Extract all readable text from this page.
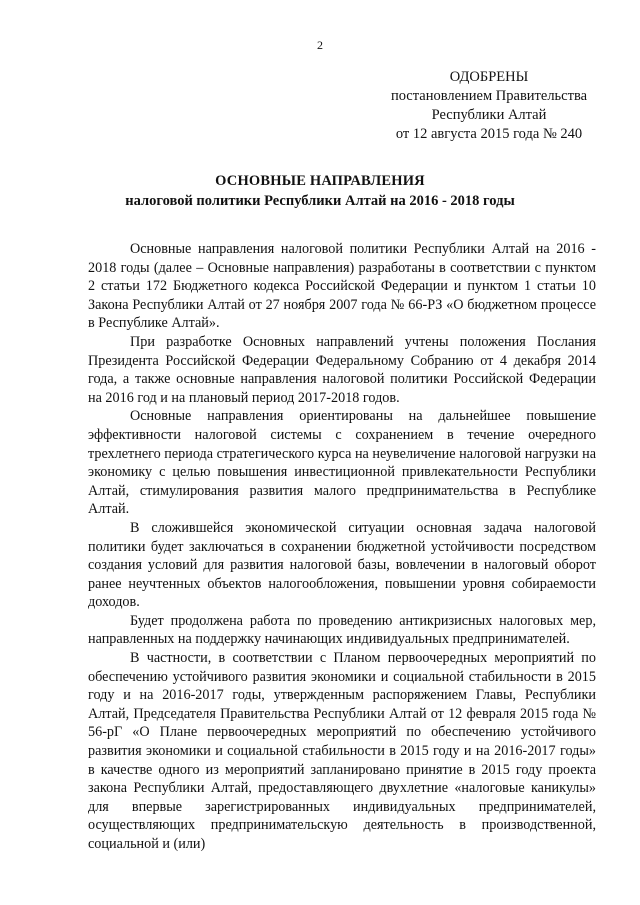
2
ОДОБРЕНЫ
постановлением Правительства
Республики Алтай
от 12 августа 2015 года № 240
ОСНОВНЫЕ НАПРАВЛЕНИЯ
налоговой политики Республики Алтай на 2016 - 2018 годы

Основные направления налоговой политики Республики Алтай на 2016 - 2018 годы (далее – Основные направления) разработаны в соответствии с пунктом 2 статьи 172 Бюджетного кодекса Российской Федерации и пунктом 1 статьи 10 Закона Республики Алтай от 27 ноября 2007 года № 66-РЗ «О бюджетном процессе в Республике Алтай».

При разработке Основных направлений учтены положения Послания Президента Российской Федерации Федеральному Собранию от 4 декабря 2014 года, а также основные направления налоговой политики Российской Федерации на 2016 год и на плановый период 2017-2018 годов.

Основные направления ориентированы на дальнейшее повышение эффективности налоговой системы с сохранением в течение очередного трехлетнего периода стратегического курса на неувеличение налоговой нагрузки на экономику с целью повышения инвестиционной привлекательности Республики Алтай, стимулирования развития малого предпринимательства в Республике Алтай.

В сложившейся экономической ситуации основная задача налоговой политики будет заключаться в сохранении бюджетной устойчивости посредством создания условий для развития налоговой базы, вовлечении в налоговый оборот ранее неучтенных объектов налогообложения, повышении уровня собираемости доходов.

Будет продолжена работа по проведению антикризисных налоговых мер, направленных на поддержку начинающих индивидуальных предпринимателей.

В частности, в соответствии с Планом первоочередных мероприятий по обеспечению устойчивого развития экономики и социальной стабильности в 2015 году и на 2016-2017 годы, утвержденным распоряжением Главы, Республики Алтай, Председателя Правительства Республики Алтай от 12 февраля 2015 года № 56-рГ «О Плане первоочередных мероприятий по обеспечению устойчивого развития экономики и социальной стабильности в 2015 году и на 2016-2017 годы» в качестве одного из мероприятий запланировано принятие в 2015 году проекта закона Республики Алтай, предоставляющего двухлетние «налоговые каникулы» для впервые зарегистрированных индивидуальных предпринимателей, осуществляющих предпринимательскую деятельность в производственной, социальной и (или)
